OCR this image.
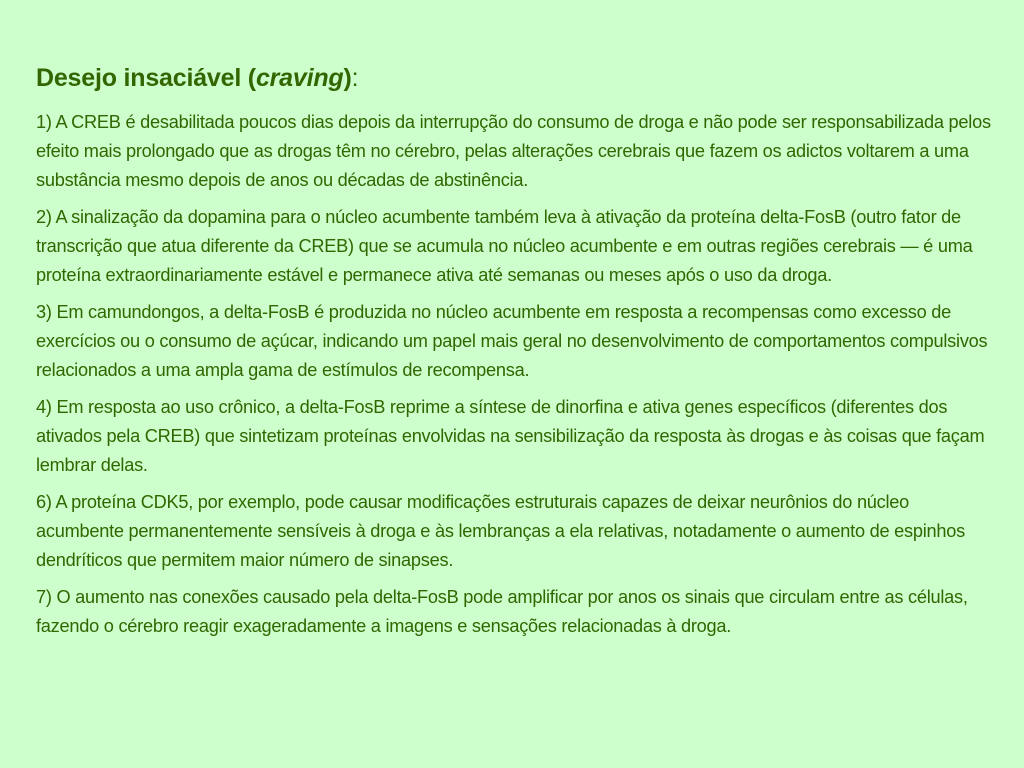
Desejo insaciável (craving):

1) A CREB é desabilitada poucos dias depois da interrupção do consumo de droga e não pode ser responsabilizada pelos efeito mais prolongado que as drogas têm no cérebro, pelas alterações cerebrais que fazem os adictos voltarem a uma substância mesmo depois de anos ou décadas de abstinência.

2) A sinalização da dopamina para o núcleo acumbente também leva à ativação da proteína delta-FosB (outro fator de transcrição que atua diferente da CREB) que se acumula no núcleo acumbente e em outras regiões cerebrais — é uma proteína extraordinariamente estável e permanece ativa até semanas ou meses após o uso da droga.

3) Em camundongos, a delta-FosB é produzida no núcleo acumbente em resposta a recompensas como excesso de exercícios ou o consumo de açúcar, indicando um papel mais geral no desenvolvimento de comportamentos compulsivos relacionados a uma ampla gama de estímulos de recompensa.

4) Em resposta ao uso crônico, a delta-FosB reprime a síntese de dinorfina e ativa genes específicos (diferentes dos ativados pela CREB) que sintetizam proteínas envolvidas na sensibilização da resposta às drogas e às coisas que façam lembrar delas.

6) A proteína CDK5, por exemplo, pode causar modificações estruturais capazes de deixar neurônios do núcleo acumbente permanentemente sensíveis à droga e às lembranças a ela relativas, notadamente o aumento de espinhos dendríticos que permitem maior número de sinapses.

7) O aumento nas conexões causado pela delta-FosB pode amplificar por anos os sinais que circulam entre as células, fazendo o cérebro reagir exageradamente a imagens e sensações relacionadas à droga.
